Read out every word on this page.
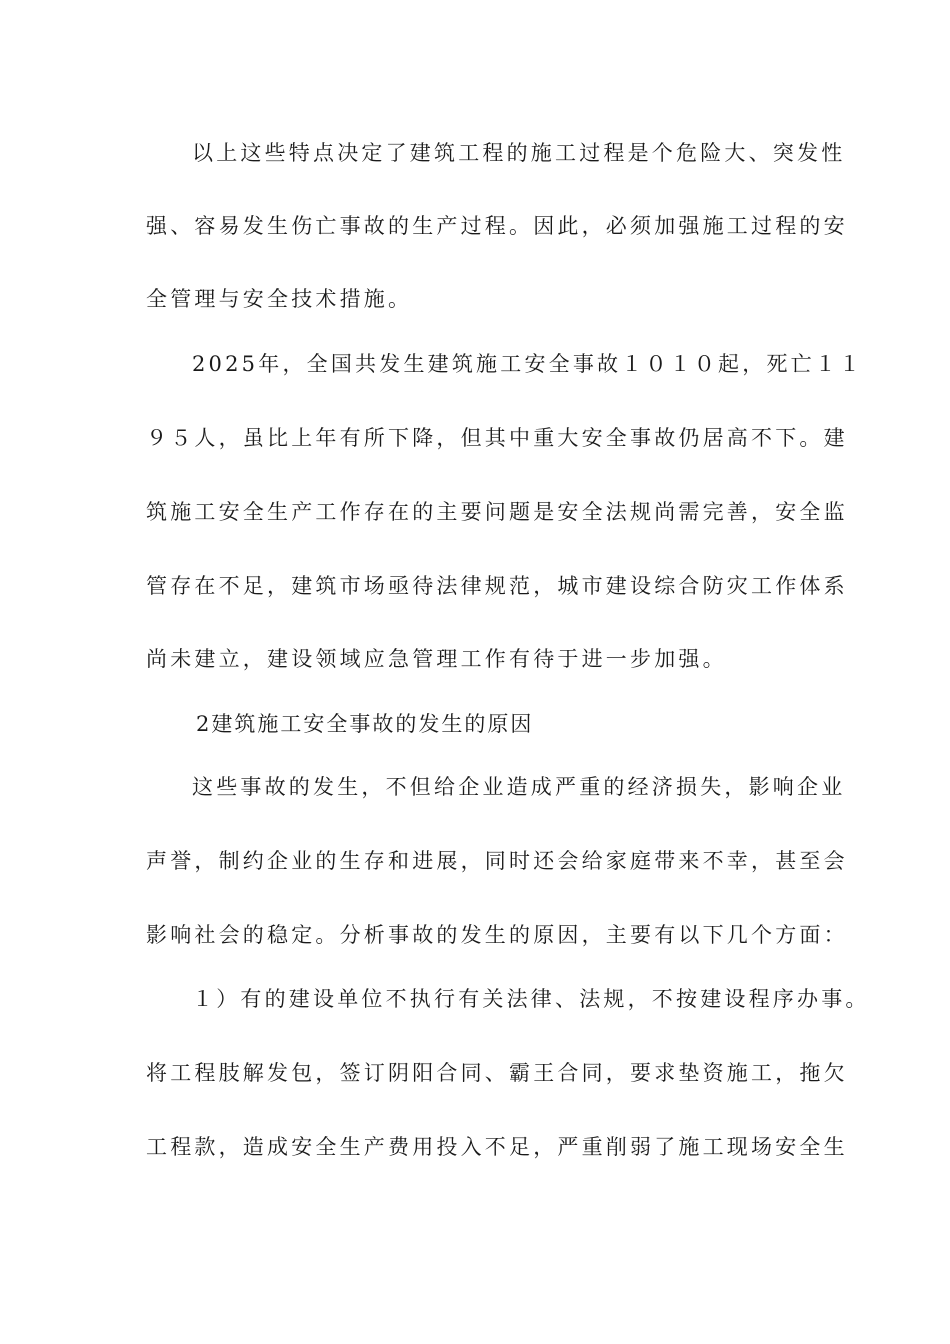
以上这些特点决定了建筑工程的施工过程是个危险大、突发性
强、容易发生伤亡事故的生产过程。因此，必须加强施工过程的安
全管理与安全技术措施。
2025年，全国共发生建筑施工安全事故１０１０起，死亡１１
９５人，虽比上年有所下降，但其中重大安全事故仍居高不下。建
筑施工安全生产工作存在的主要问题是安全法规尚需完善，安全监
管存在不足，建筑市场亟待法律规范，城市建设综合防灾工作体系
尚未建立，建设领域应急管理工作有待于进一步加强。
2建筑施工安全事故的发生的原因
这些事故的发生，不但给企业造成严重的经济损失，影响企业
声誉，制约企业的生存和进展，同时还会给家庭带来不幸，甚至会
影响社会的稳定。分析事故的发生的原因，主要有以下几个方面：
１）有的建设单位不执行有关法律、法规，不按建设程序办事。
将工程肢解发包，签订阴阳合同、霸王合同，要求垫资施工，拖欠
工程款，造成安全生产费用投入不足，严重削弱了施工现场安全生
